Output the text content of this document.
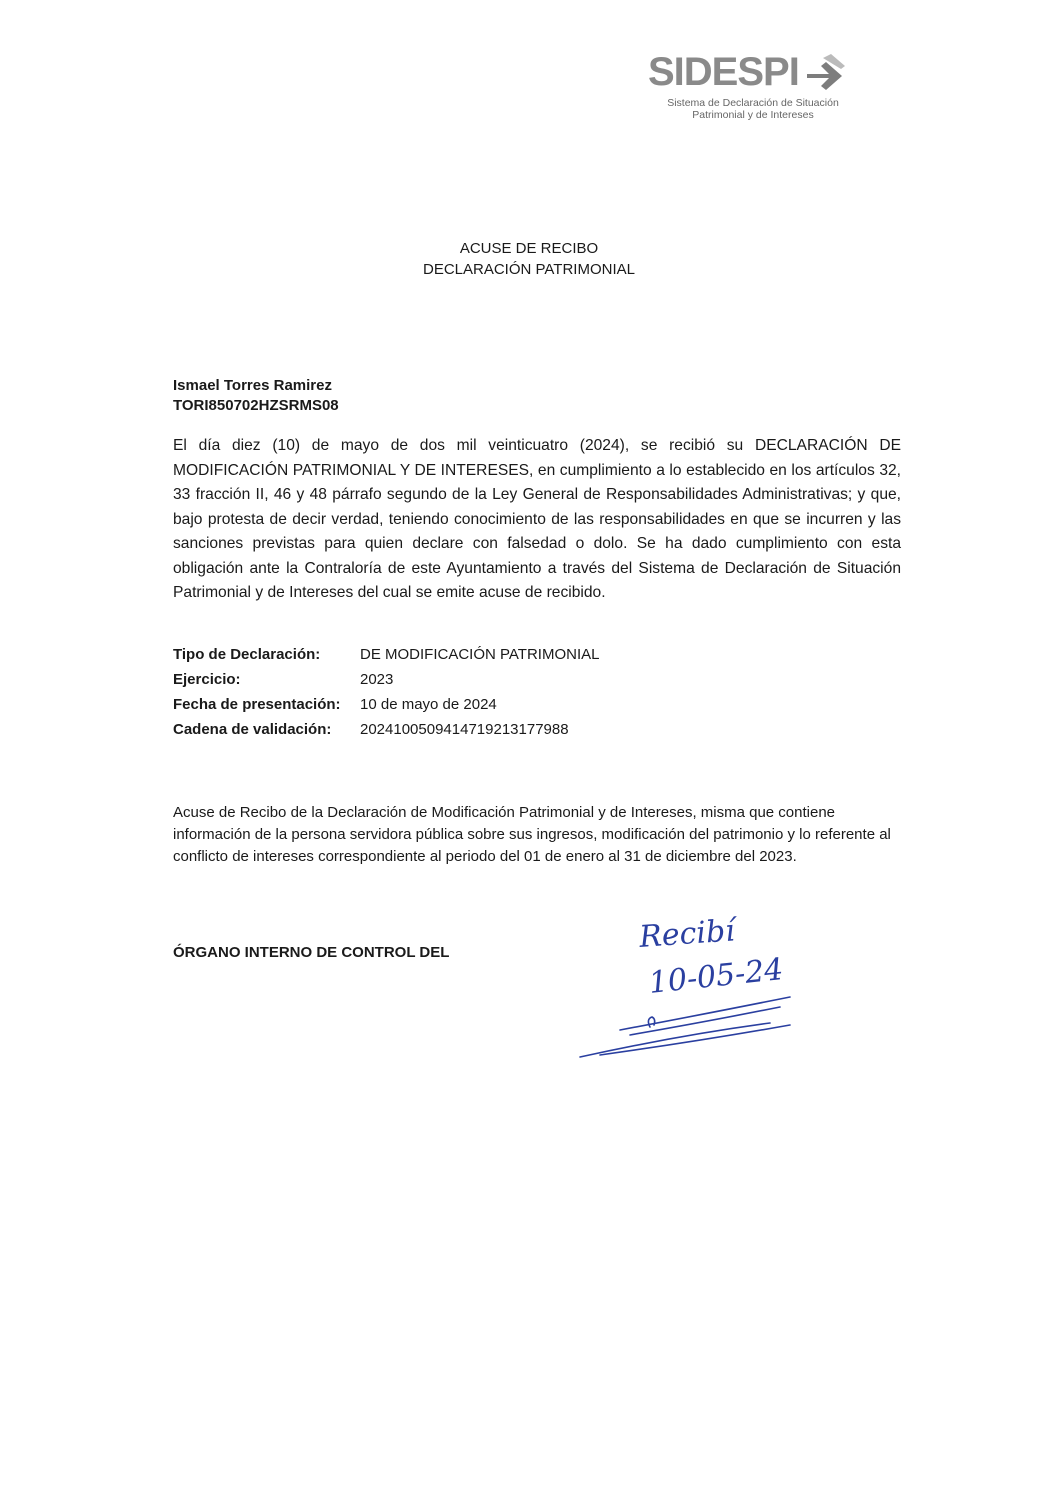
SIDESPI
Sistema de Declaración de Situación
Patrimonial y de Intereses
ACUSE DE RECIBO
DECLARACIÓN PATRIMONIAL
Ismael Torres Ramirez
TORI850702HZSRMS08
El día diez (10) de mayo de dos mil veinticuatro (2024), se recibió su DECLARACIÓN DE MODIFICACIÓN PATRIMONIAL Y DE INTERESES, en cumplimiento a lo establecido en los artículos 32, 33 fracción II, 46 y 48 párrafo segundo de la Ley General de Responsabilidades Administrativas; y que, bajo protesta de decir verdad, teniendo conocimiento de las responsabilidades en que se incurren y las sanciones previstas para quien declare con falsedad o dolo. Se ha dado cumplimiento con esta obligación ante la Contraloría de este Ayuntamiento a través del Sistema de Declaración de Situación Patrimonial y de Intereses del cual se emite acuse de recibido.
Tipo de Declaración:	DE MODIFICACIÓN PATRIMONIAL
Ejercicio:	2023
Fecha de presentación:	10 de mayo de 2024
Cadena de validación:	2024100509414719213177988
Acuse de Recibo de la Declaración de Modificación Patrimonial y de Intereses, misma que contiene información de la persona servidora pública sobre sus ingresos, modificación del patrimonio y lo referente al conflicto de intereses correspondiente al periodo del 01 de enero al 31 de diciembre del 2023.
ÓRGANO INTERNO DE CONTROL DEL	Recibí
10-05-24
